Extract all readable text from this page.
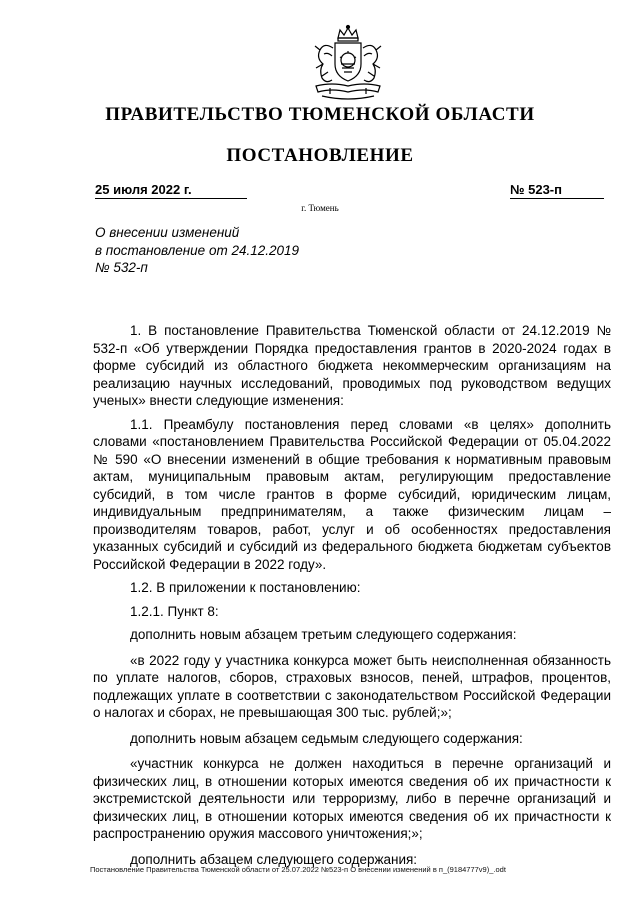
ПРАВИТЕЛЬСТВО ТЮМЕНСКОЙ ОБЛАСТИ
ПОСТАНОВЛЕНИЕ
25 июля 2022 г.	№ 523-п
г. Тюмень
О внесении изменений
в постановление от 24.12.2019
№ 532-п

1. В постановление Правительства Тюменской области от 24.12.2019 № 532-п «Об утверждении Порядка предоставления грантов в 2020-2024 годах в форме субсидий из областного бюджета некоммерческим организациям на реализацию научных исследований, проводимых под руководством ведущих ученых» внести следующие изменения:

1.1. Преамбулу постановления перед словами «в целях» дополнить словами «постановлением Правительства Российской Федерации от 05.04.2022 № 590 «О внесении изменений в общие требования к нормативным правовым актам, муниципальным правовым актам, регулирующим предоставление субсидий, в том числе грантов в форме субсидий, юридическим лицам, индивидуальным предпринимателям, а также физическим лицам – производителям товаров, работ, услуг и об особенностях предоставления указанных субсидий и субсидий из федерального бюджета бюджетам субъектов Российской Федерации в 2022 году».

1.2. В приложении к постановлению:

1.2.1. Пункт 8:

дополнить новым абзацем третьим следующего содержания:

«в 2022 году у участника конкурса может быть неисполненная обязанность по уплате налогов, сборов, страховых взносов, пеней, штрафов, процентов, подлежащих уплате в соответствии с законодательством Российской Федерации о налогах и сборах, не превышающая 300 тыс. рублей;»;

дополнить новым абзацем седьмым следующего содержания:

«участник конкурса не должен находиться в перечне организаций и физических лиц, в отношении которых имеются сведения об их причастности к экстремистской деятельности или терроризму, либо в перечне организаций и физических лиц, в отношении которых имеются сведения об их причастности к распространению оружия массового уничтожения;»;

дополнить абзацем следующего содержания:

Постановление Правительства Тюменской области от 25.07.2022 №523-п О внесении изменений в п_(9184777v9)_.odt
